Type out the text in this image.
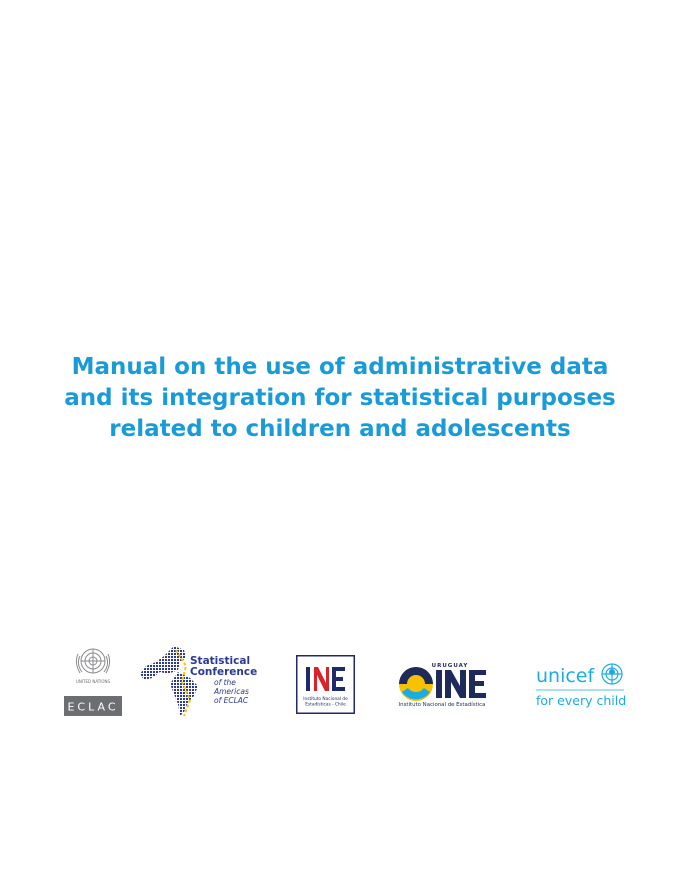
Manual on the use of administrative data
and its integration for statistical purposes
related to children and adolescents
UNITED NATIONS
ECLAC
Statistical
Conference
of the
Americas
of ECLAC	Instituto Nacional de
Estadísticas - Chile
URUGUAY
Instituto Nacional de Estadística
unicef
for every child
